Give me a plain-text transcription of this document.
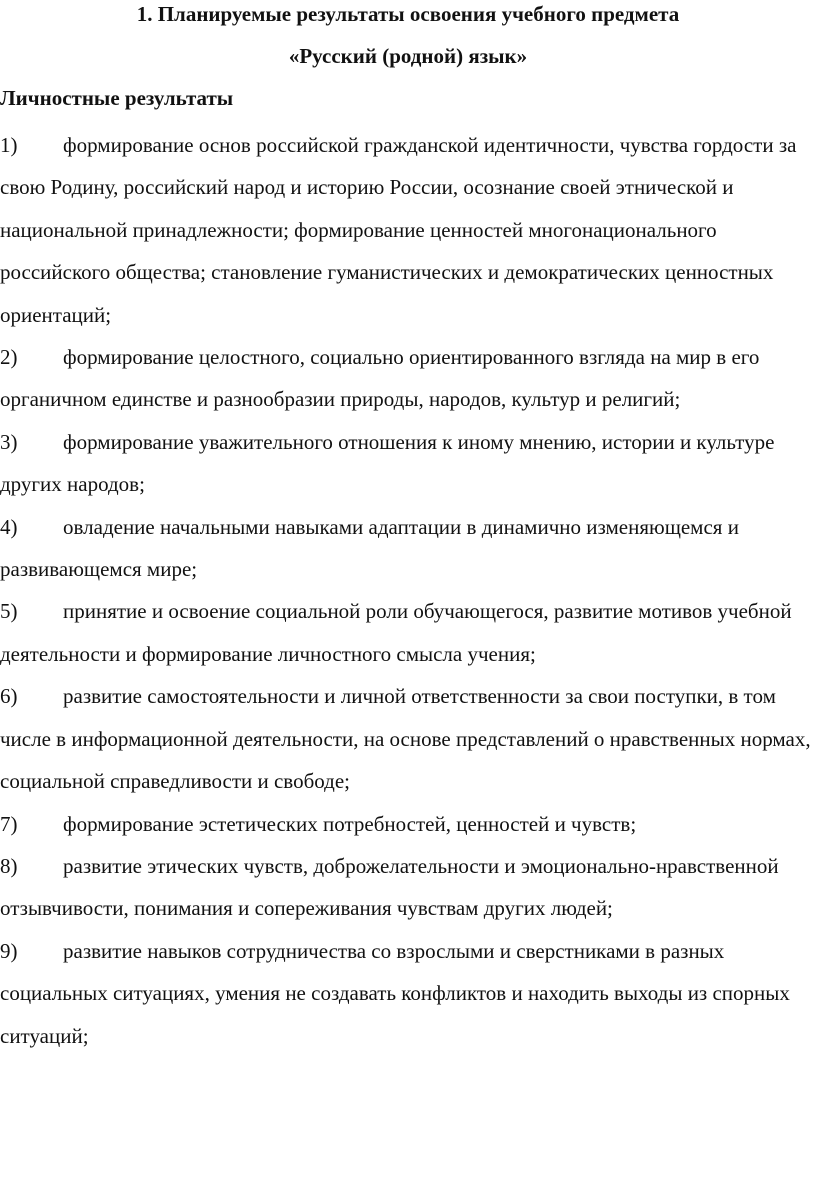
1. Планируемые результаты освоения учебного предмета
«Русский (родной) язык»
Личностные результаты

1) формирование основ российской гражданской идентичности, чувства гордости за свою Родину, российский народ и историю России, осознание своей этнической и национальной принадлежности; формирование ценностей многонационального российского общества; становление гуманистических и демократических ценностных ориентаций;

2) формирование целостного, социально ориентированного взгляда на мир в его органичном единстве и разнообразии природы, народов, культур и религий;

3) формирование уважительного отношения к иному мнению, истории и культуре других народов;

4) овладение начальными навыками адаптации в динамично изменяющемся и развивающемся мире;

5) принятие и освоение социальной роли обучающегося, развитие мотивов учебной деятельности и формирование личностного смысла учения;

6) развитие самостоятельности и личной ответственности за свои поступки, в том числе в информационной деятельности, на основе представлений о нравственных нормах, социальной справедливости и свободе;

7) формирование эстетических потребностей, ценностей и чувств;

8) развитие этических чувств, доброжелательности и эмоционально-нравственной отзывчивости, понимания и сопереживания чувствам других людей;

9) развитие навыков сотрудничества со взрослыми и сверстниками в разных социальных ситуациях, умения не создавать конфликтов и находить выходы из спорных ситуаций;
